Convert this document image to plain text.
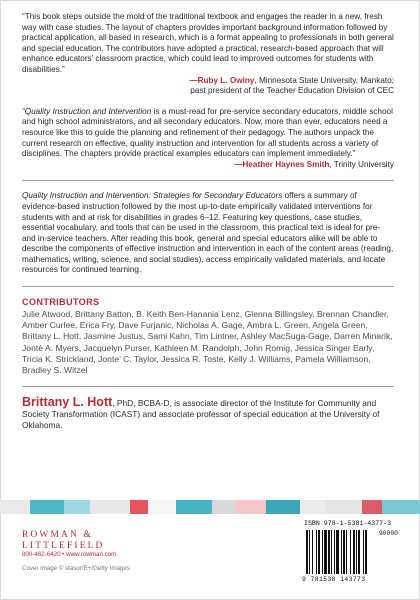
“This book steps outside the mold of the traditional textbook and engages the reader in a new, fresh way with case studies. The layout of chapters provides important background information followed by practical application, all based in research, which is a format appealing to professionals in both general and special education. The contributors have adopted a practical, research-based approach that will enhance educators’ classroom practice, which could lead to improved outcomes for students with disabilities.”

—Ruby L. Owiny, Minnesota State University, Mankato;

past president of the Teacher Education Division of CEC

“Quality Instruction and Intervention is a must-read for pre-service secondary educators, middle school and high school administrators, and all secondary educators. Now, more than ever, educators need a resource like this to guide the planning and refinement of their pedagogy. The authors unpack the current research on effective, quality instruction and intervention for all students across a variety of disciplines. The chapters provide practical examples educators can implement immediately.”

—Heather Haynes Smith, Trinity University

Quality Instruction and Intervention: Strategies for Secondary Educators offers a summary of evidence-based instruction followed by the most up-to-date empirically validated interventions for students with and at risk for disabilities in grades 6–12. Featuring key questions, case studies, essential vocabulary, and tools that can be used in the classroom, this practical text is ideal for pre- and in-service teachers. After reading this book, general and special educators alike will be able to describe the components of effective instruction and intervention in each of the content areas (reading, mathematics, writing, science, and social studies), access empirically validated materials, and locate resources for continued learning.

CONTRIBUTORS

Julie Atwood, Brittany Batton, B. Keith Ben-Hanania Lenz, Glenna Billingsley, Brennan Chandler, Amber Curlee, Erica Fry, Dave Furjanic, Nicholas A. Gage, Ambra L. Green, Angela Green, Brittany L. Hott, Jasmine Justus, Sami Kahn, Tim Lintner, Ashley MacSuga-Gage, Darren Minarik, Jonté A. Myers, Jacquelyn Purser, Kathleen M. Randolph, John Romig, Jessica Singer Early, Tricia K. Strickland, Jonte’ C. Taylor, Jessica R. Toste, Kelly J. Williams, Pamela Williamson, Bradley S. Witzel

Brittany L. Hott, PhD, BCBA-D, is associate director of the Institute for Community and Society Transformation (ICAST) and associate professor of special education at the University of Oklahoma.

ROWMAN &
LITTLEFIELD
800-462-6420 • www.rowman.com
Cover image © stasor/E+/Getty Images
ISBN 978-1-5381-4377-3
90000
9 781538 143773
